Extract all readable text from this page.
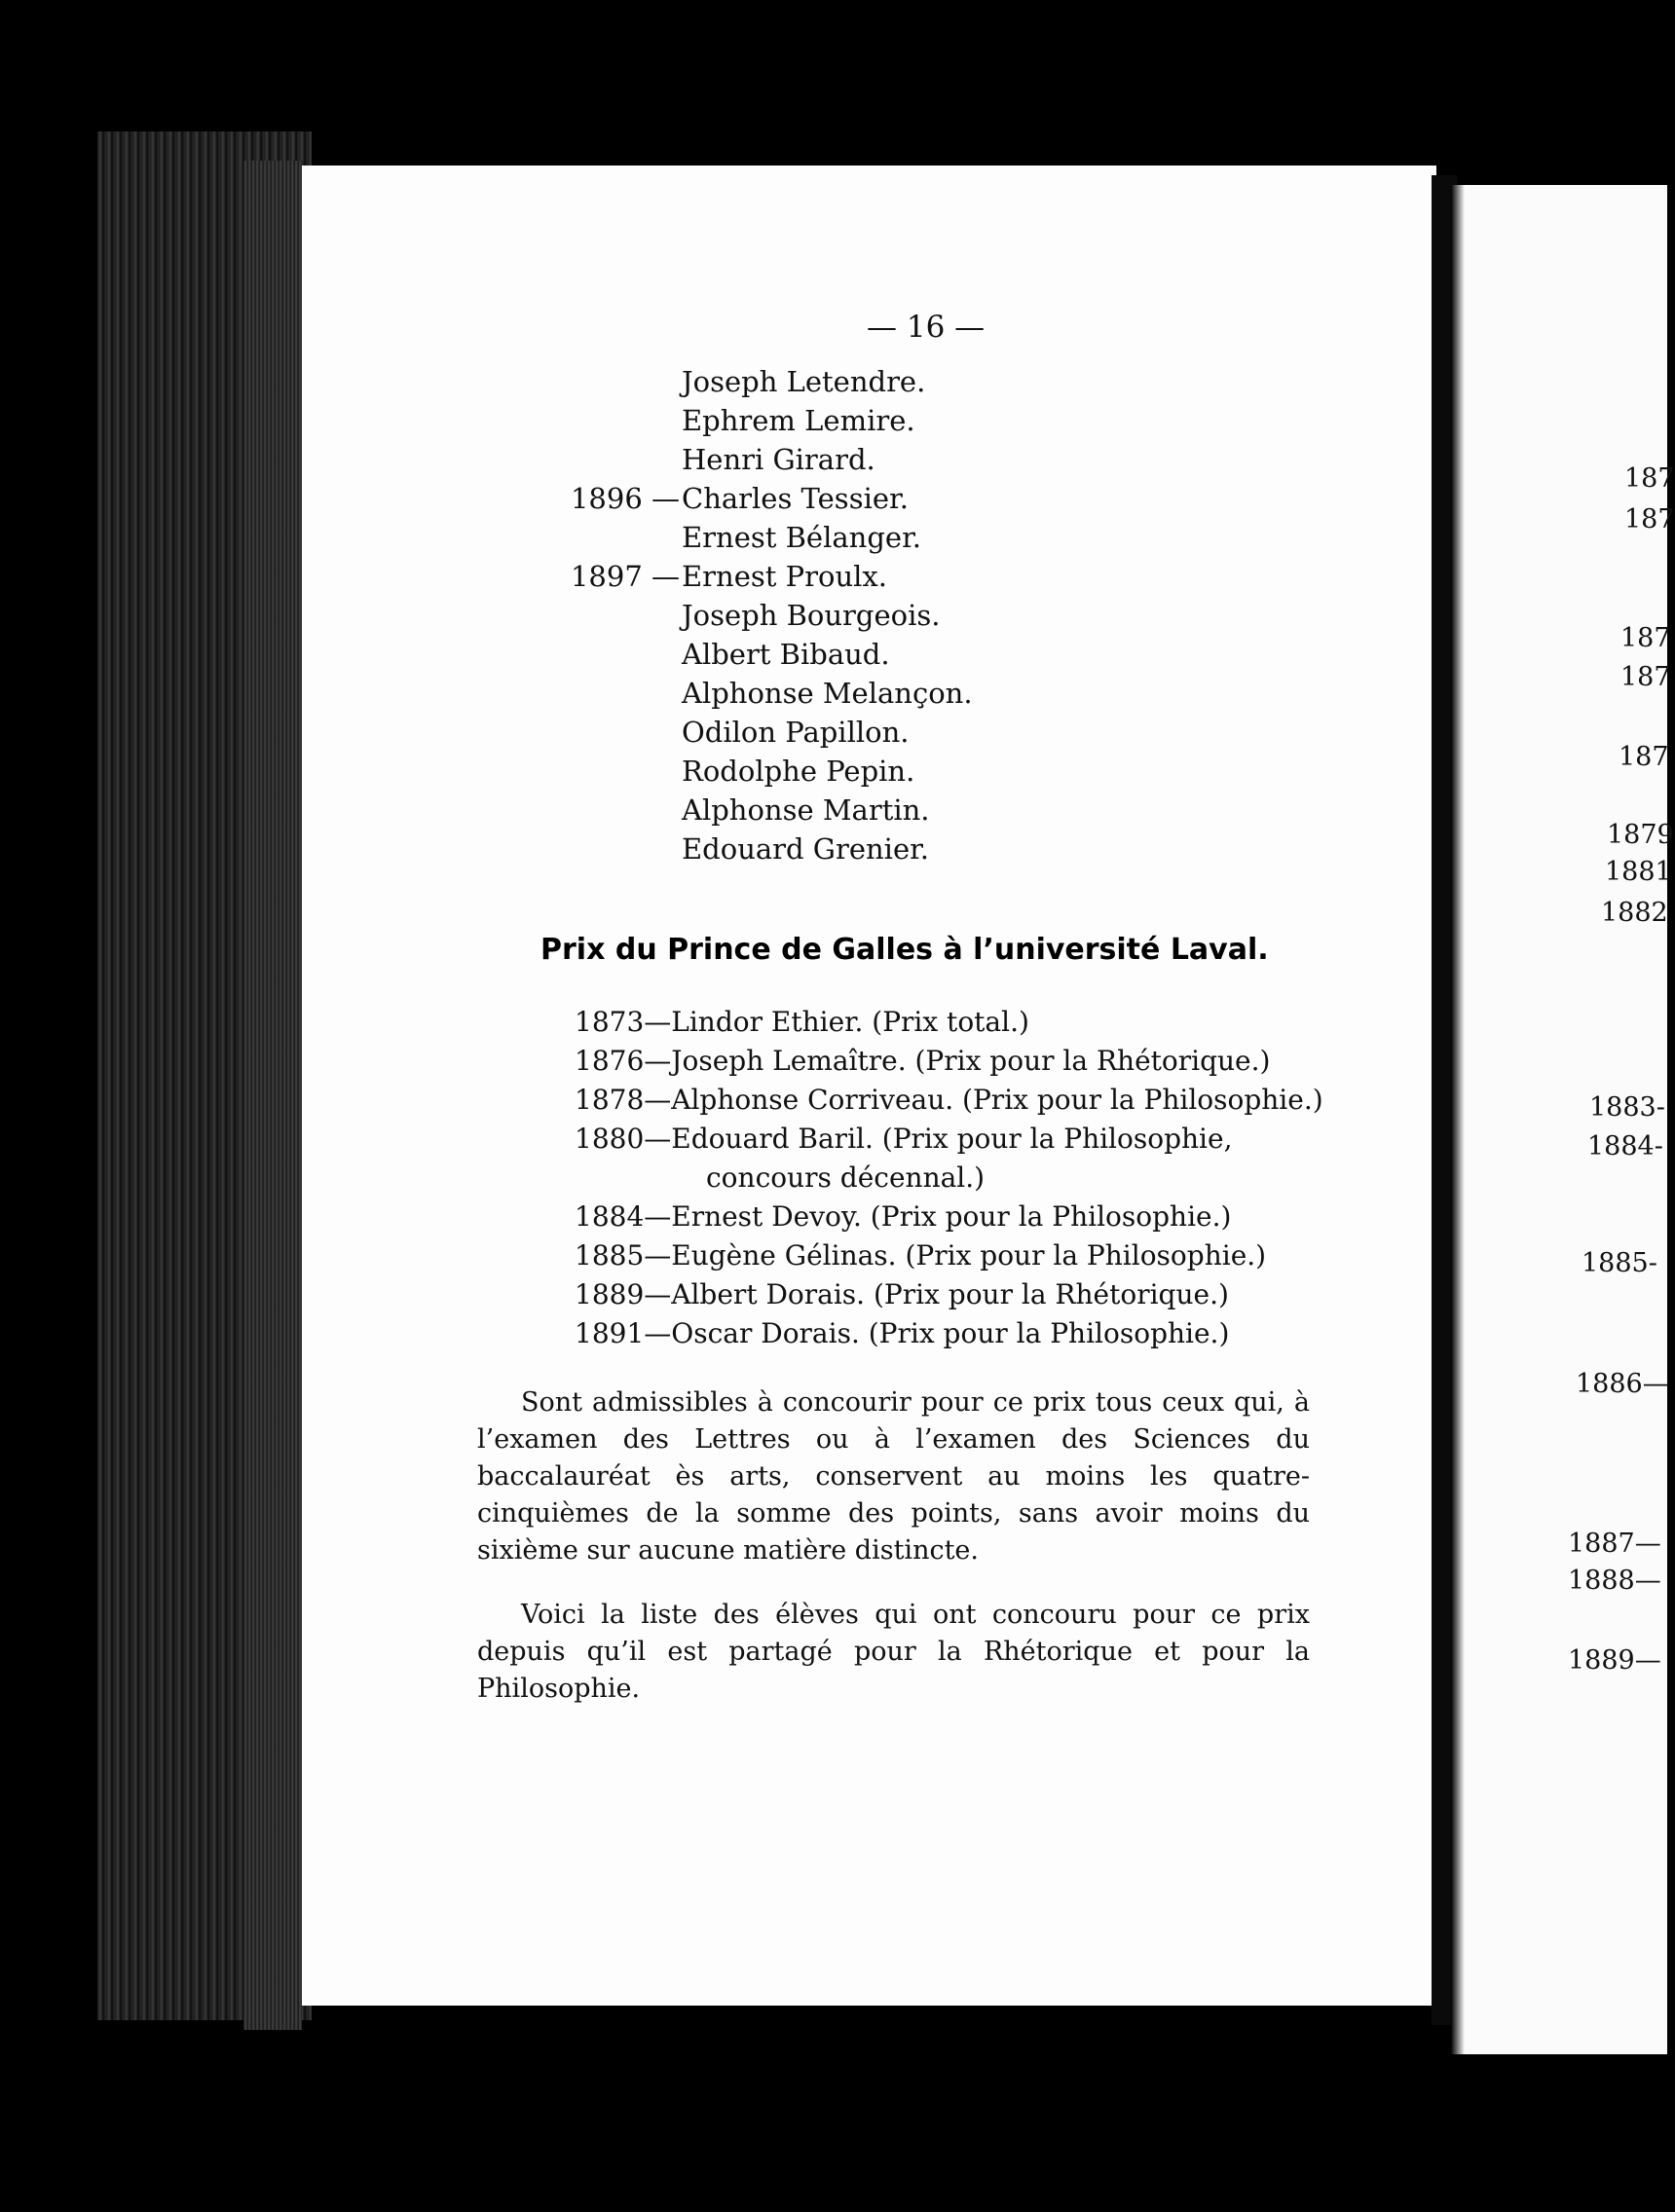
— 16 —
Joseph Letendre.
Ephrem Lemire.
Henri Girard.
1896 — Charles Tessier.
Ernest Bélanger.
1897 — Ernest Proulx.
Joseph Bourgeois.
Albert Bibaud.
Alphonse Melançon.
Odilon Papillon.
Rodolphe Pepin.
Alphonse Martin.
Edouard Grenier.
Prix du Prince de Galles à l’université Laval.
1873—Lindor Ethier. (Prix total.)
1876—Joseph Lemaître. (Prix pour la Rhétorique.)
1878—Alphonse Corriveau. (Prix pour la Philosophie.)
1880—Edouard Baril. (Prix pour la Philosophie,
concours décennal.)
1884—Ernest Devoy. (Prix pour la Philosophie.)
1885—Eugène Gélinas. (Prix pour la Philosophie.)
1889—Albert Dorais. (Prix pour la Rhétorique.)
1891—Oscar Dorais. (Prix pour la Philosophie.)
Sont admissibles à concourir pour ce prix tous ceux qui, à l’examen des Lettres ou à l’examen des Sciences du baccalauréat ès arts, conservent au moins les quatre-cinquièmes de la somme des points, sans avoir moins du sixième sur aucune matière distincte.
Voici la liste des élèves qui ont concouru pour ce prix depuis qu’il est partagé pour la Rhétorique et pour la Philosophie.
187
187
187
187
187
1879
1881
1882
1883-
1884-
1885-
1886—
1887—
1888—
1889—
